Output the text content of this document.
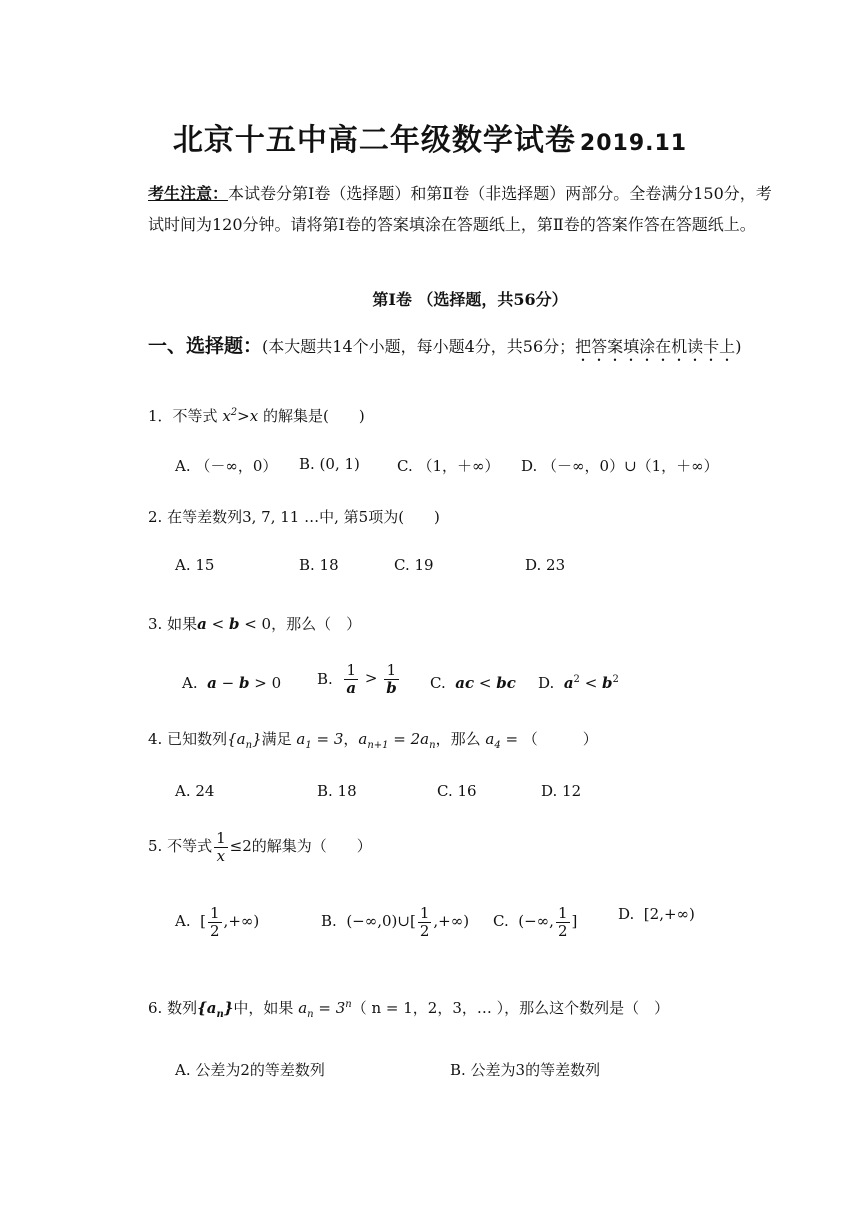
北京十五中高二年级数学试卷 2019.11
考生注意：本试卷分第Ⅰ卷（选择题）和第Ⅱ卷（非选择题）两部分。全卷满分150分，考试时间为120分钟。请将第Ⅰ卷的答案填涂在答题纸上，第Ⅱ卷的答案作答在答题纸上。
第Ⅰ卷 （选择题，共56分）
一、选择题：(本大题共14个小题，每小题4分，共56分；把答案填涂在机读卡上)
1．不等式 $x^2>x$ 的解集是(　　)
A. （－∞，0） B. (0, 1) C. （1，＋∞） D. （－∞，0）∪（1，＋∞）
2. 在等差数列3, 7, 11 …中, 第5项为(　　)
A. 15	B. 18	C. 19	D. 23
3. 如果a < b < 0，那么（　）
A. a − b > 0 B. $\frac{1}{a} > \frac{1}{b} C$. ac < bc D. $a^2 < b^2$
4. 已知数列$\{a_n\}$满足 $a_1 = 3$，$a_{n+1} = 2a_n$，那么 $a_4$ = （　　　）
A. 24	B. 18	C. 16	D. 12
5. 不等式 $\frac{1}{x} \le 2$的解集为（　　）
A.  [ $\frac{1}{2}$ ,+∞)	B.  (−∞,0)∪[ $\frac{1}{2}$ ,+∞) C.  (−∞, $\frac{1}{2}$ ]	D.  [2,+∞)
6. 数列$\{a_n\}$中，如果 $a_n = 3^n$（ n = 1，2，3，… ），那么这个数列是（　）
A. 公差为2的等差数列	B. 公差为3的等差数列
